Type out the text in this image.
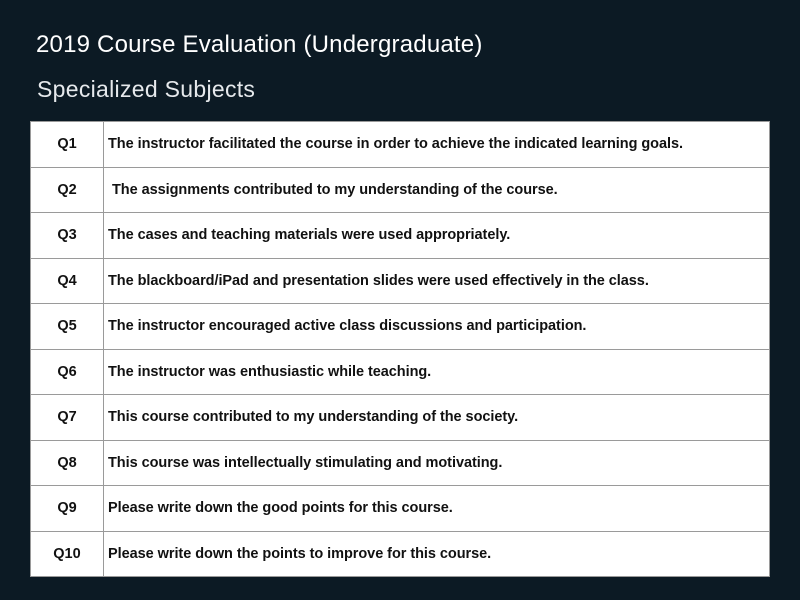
2019 Course Evaluation (Undergraduate)
Specialized Subjects
Q1	The instructor facilitated the course in order to achieve the indicated learning goals.
Q2	The assignments contributed to my understanding of the course.
Q3	The cases and teaching materials were used appropriately.
Q4	The blackboard/iPad and presentation slides were used effectively in the class.
Q5	The instructor encouraged active class discussions and participation.
Q6	The instructor was enthusiastic while teaching.
Q7	This course contributed to my understanding of the society.
Q8	This course was intellectually stimulating and motivating.
Q9	Please write down the good points for this course.
Q10	Please write down the points to improve for this course.
